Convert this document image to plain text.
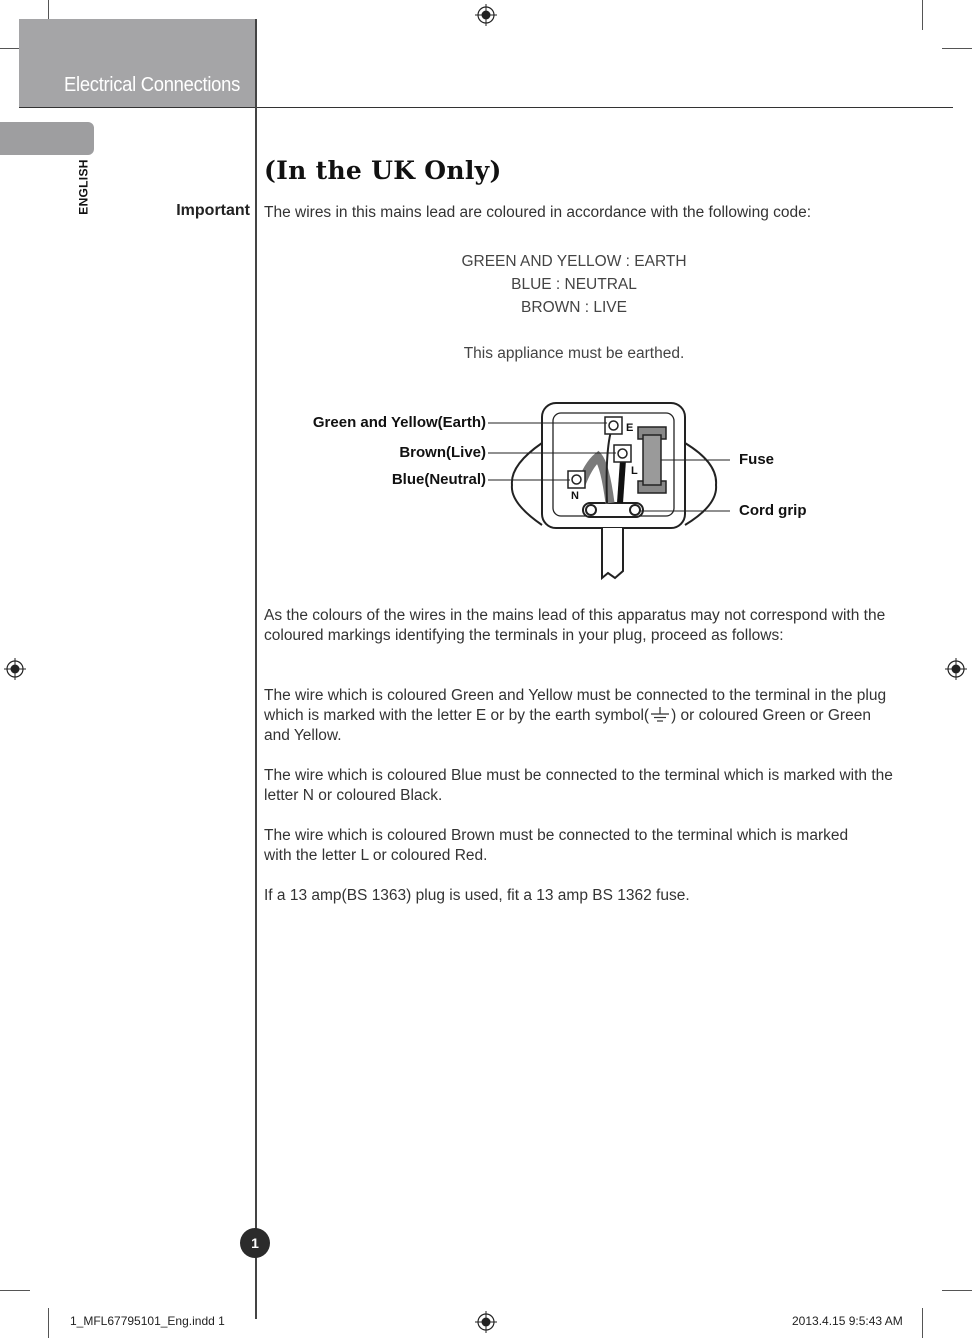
Electrical Connections
ENGLISH	(In the UK Only)
Important The wires in this mains lead are coloured in accordance with the following code:
GREEN AND YELLOW : EARTH
BLUE : NEUTRAL
BROWN : LIVE
This appliance must be earthed.
E
L
N
Green and Yellow(Earth)
Brown(Live)
Blue(Neutral)
Fuse
Cord grip
As the colours of the wires in the mains lead of this apparatus may not correspond with the coloured markings identifying the terminals in your plug, proceed as follows:
The wire which is coloured Green and Yellow must be connected to the terminal in the plug which is marked with the letter E or by the earth symbol( ) or coloured Green or Green and Yellow.
The wire which is coloured Blue must be connected to the terminal which is marked with the letter N or coloured Black.
The wire which is coloured Brown must be connected to the terminal which is marked with the letter L or coloured Red.
If a 13 amp(BS 1363) plug is used, fit a 13 amp BS 1362 fuse.
1
1_MFL67795101_Eng.indd 1	2013.4.15 9:5:43 AM
